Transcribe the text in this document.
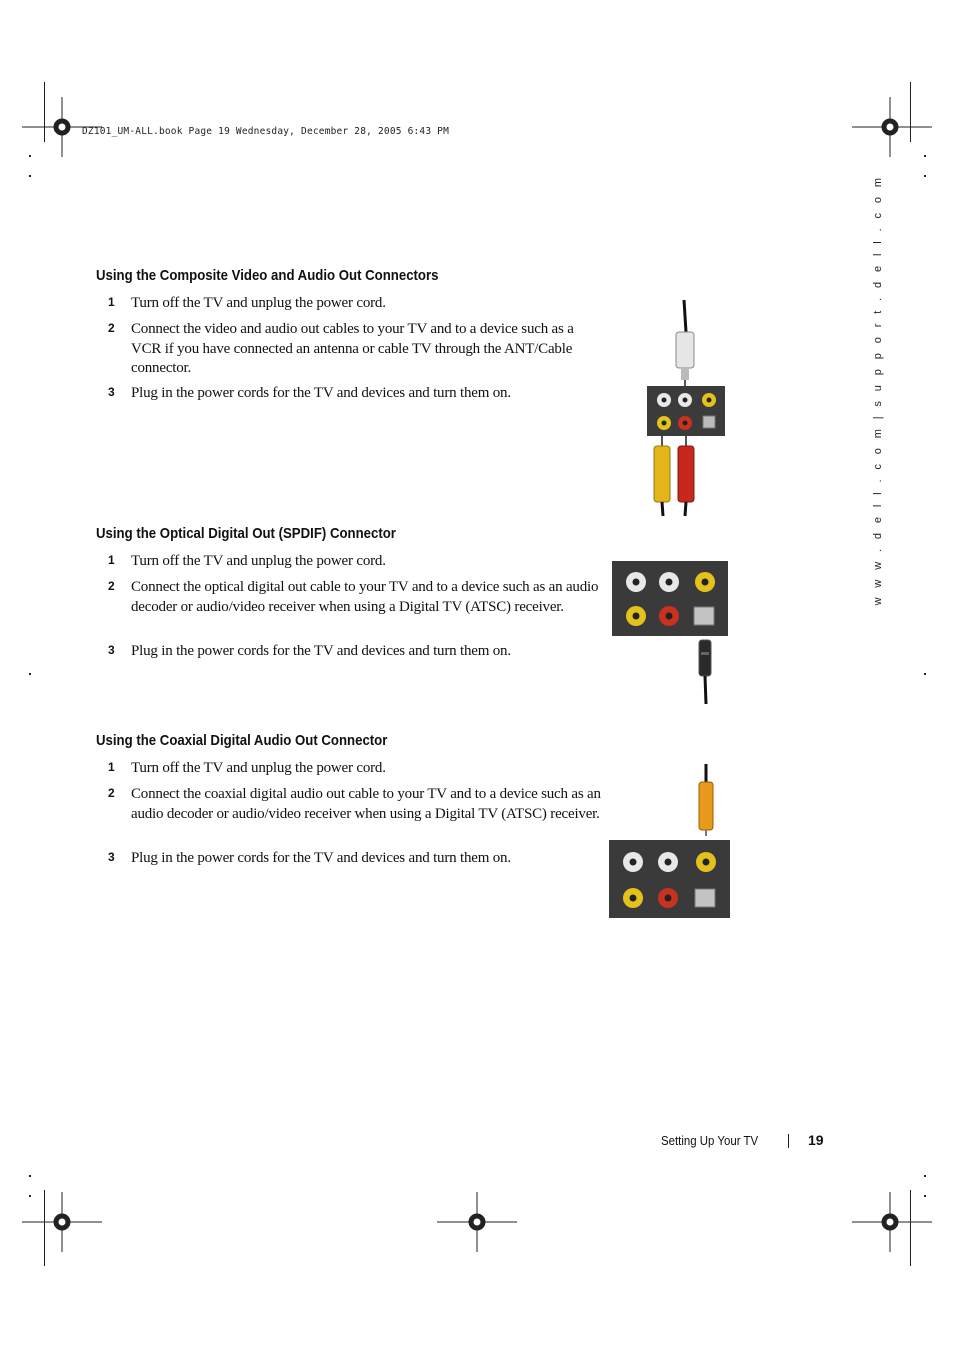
DZ101_UM-ALL.book Page 19 Wednesday, December 28, 2005 6:43 PM
w w w . d e l l . c o m | s u p p o r t . d e l l . c o m
Using the Composite Video and Audio Out Connectors
1 Turn off the TV and unplug the power cord.
2 Connect the video and audio out cables to your TV and to a device such as a VCR if you have connected an antenna or cable TV through the ANT/Cable connector.
3 Plug in the power cords for the TV and devices and turn them on.
Using the Optical Digital Out (SPDIF) Connector
1 Turn off the TV and unplug the power cord.
2 Connect the optical digital out cable to your TV and to a device such as an audio decoder or audio/video receiver when using a Digital TV (ATSC) receiver.
3 Plug in the power cords for the TV and devices and turn them on.
Using the Coaxial Digital Audio Out Connector
1 Turn off the TV and unplug the power cord.
2 Connect the coaxial digital audio out cable to your TV and to a device such as an audio decoder or audio/video receiver when using a Digital TV (ATSC) receiver.
3 Plug in the power cords for the TV and devices and turn them on.
Setting Up Your TV	19
